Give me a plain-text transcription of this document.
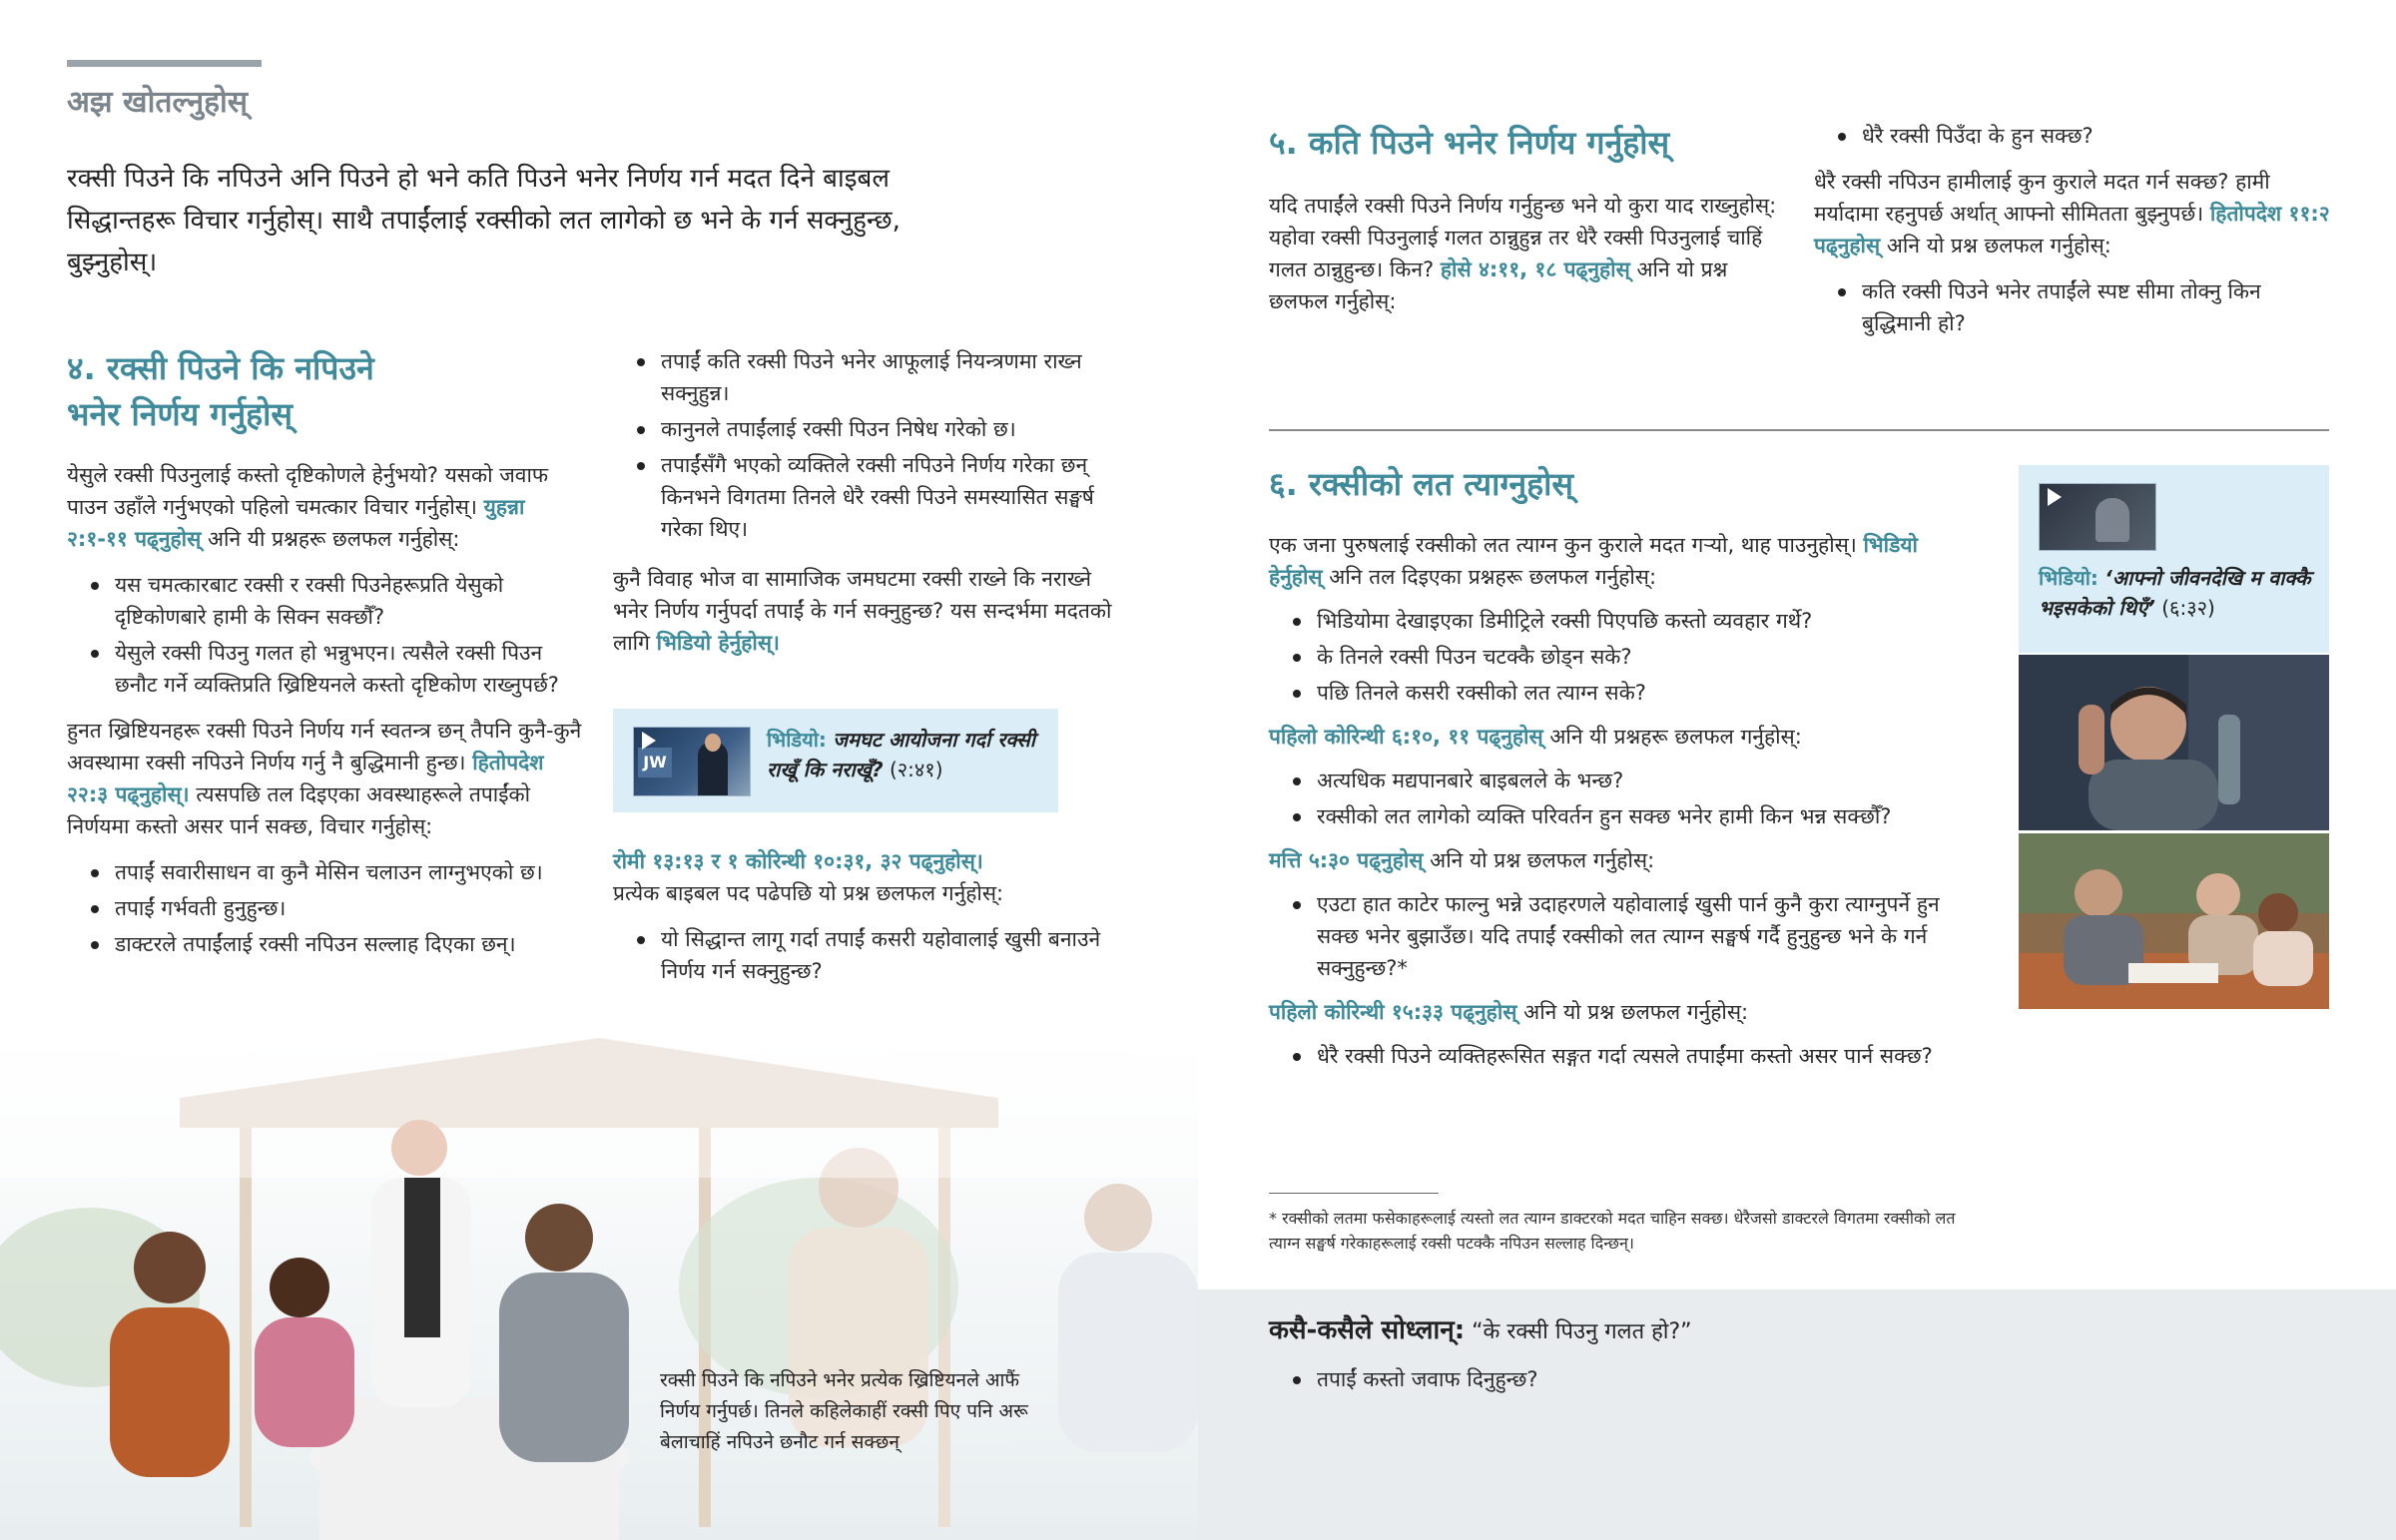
अझ खोतल्नुहोस्
रक्सी पिउने कि नपिउने अनि पिउने हो भने कति पिउने भनेर निर्णय गर्न मदत दिने बाइबल सिद्धान्तहरू विचार गर्नुहोस्। साथै तपाईंलाई रक्सीको लत लागेको छ भने के गर्न सक्नुहुन्छ, बुझ्नुहोस्।
४. रक्सी पिउने कि नपिउने
भनेर निर्णय गर्नुहोस्

येसुले रक्सी पिउनुलाई कस्तो दृष्टिकोणले हेर्नुभयो? यसको जवाफ पाउन उहाँले गर्नुभएको पहिलो चमत्कार विचार गर्नुहोस्। युहन्ना २:१-११ पढ्नुहोस् अनि यी प्रश्नहरू छलफल गर्नुहोस्:

यस चमत्कारबाट रक्सी र रक्सी पिउनेहरूप्रति येसुको दृष्टिकोणबारे हामी के सिक्न सक्छौँ?
येसुले रक्सी पिउनु गलत हो भन्नुभएन। त्यसैले रक्सी पिउन छनौट गर्ने व्यक्तिप्रति ख्रिष्टियनले कस्तो दृष्टिकोण राख्नुपर्छ?

हुनत ख्रिष्टियनहरू रक्सी पिउने निर्णय गर्न स्वतन्त्र छन् तैपनि कुनै-कुनै अवस्थामा रक्सी नपिउने निर्णय गर्नु नै बुद्धिमानी हुन्छ। हितोपदेश २२:३ पढ्नुहोस्। त्यसपछि तल दिइएका अवस्थाहरूले तपाईंको निर्णयमा कस्तो असर पार्न सक्छ, विचार गर्नुहोस्:

तपाईं सवारीसाधन वा कुनै मेसिन चलाउन लाग्नुभएको छ।
तपाईं गर्भवती हुनुहुन्छ।
डाक्टरले तपाईंलाई रक्सी नपिउन सल्लाह दिएका छन्।
तपाईं कति रक्सी पिउने भनेर आफूलाई नियन्त्रणमा राख्न सक्नुहुन्न।
कानुनले तपाईंलाई रक्सी पिउन निषेध गरेको छ।
तपाईंसँगै भएको व्यक्तिले रक्सी नपिउने निर्णय गरेका छन् किनभने विगतमा तिनले धेरै रक्सी पिउने समस्यासित सङ्घर्ष गरेका थिए।

कुनै विवाह भोज वा सामाजिक जमघटमा रक्सी राख्ने कि नराख्ने भनेर निर्णय गर्नुपर्दा तपाईं के गर्न सक्नुहुन्छ? यस सन्दर्भमा मदतको लागि भिडियो हेर्नुहोस्।

JW
भिडियो: जमघट आयोजना गर्दा रक्सी राखूँ कि नराखूँ? (२:४१)
रोमी १३:१३ र १ कोरिन्थी १०:३१, ३२ पढ्नुहोस्।
प्रत्येक बाइबल पद पढेपछि यो प्रश्न छलफल गर्नुहोस्:
यो सिद्धान्त लागू गर्दा तपाईं कसरी यहोवालाई खुसी बनाउने निर्णय गर्न सक्नुहुन्छ?
रक्सी पिउने कि नपिउने भनेर प्रत्येक ख्रिष्टियनले आफैं निर्णय गर्नुपर्छ। तिनले कहिलेकाहीं रक्सी पिए पनि अरू बेलाचाहिं नपिउने छनौट गर्न सक्छन्
५. कति पिउने भनेर निर्णय गर्नुहोस्
यदि तपाईंले रक्सी पिउने निर्णय गर्नुहुन्छ भने यो कुरा याद राख्नुहोस्: यहोवा रक्सी पिउनुलाई गलत ठान्नुहुन्न तर धेरै रक्सी पिउनुलाई चाहिं गलत ठान्नुहुन्छ। किन? होसे ४:११, १८ पढ्नुहोस् अनि यो प्रश्न छलफल गर्नुहोस्:
धेरै रक्सी पिउँदा के हुन सक्छ?

धेरै रक्सी नपिउन हामीलाई कुन कुराले मदत गर्न सक्छ? हामी मर्यादामा रहनुपर्छ अर्थात् आफ्नो सीमितता बुझ्नुपर्छ। हितोपदेश ११:२ पढ्नुहोस् अनि यो प्रश्न छलफल गर्नुहोस्:

कति रक्सी पिउने भनेर तपाईंले स्पष्ट सीमा तोक्नु किन बुद्धिमानी हो?
६. रक्सीको लत त्याग्नुहोस्

एक जना पुरुषलाई रक्सीको लत त्याग्न कुन कुराले मदत गर्‍यो, थाह पाउनुहोस्। भिडियो हेर्नुहोस् अनि तल दिइएका प्रश्नहरू छलफल गर्नुहोस्:

भिडियोमा देखाइएका डिमीट्रिले रक्सी पिएपछि कस्तो व्यवहार गर्थे?
के तिनले रक्सी पिउन चटक्कै छोड्न सके?
पछि तिनले कसरी रक्सीको लत त्याग्न सके?

पहिलो कोरिन्थी ६:१०, ११ पढ्नुहोस् अनि यी प्रश्नहरू छलफल गर्नुहोस्:

अत्यधिक मद्यपानबारे बाइबलले के भन्छ?
रक्सीको लत लागेको व्यक्ति परिवर्तन हुन सक्छ भनेर हामी किन भन्न सक्छौँ?

मत्ति ५:३० पढ्नुहोस् अनि यो प्रश्न छलफल गर्नुहोस्:

एउटा हात काटेर फाल्नु भन्ने उदाहरणले यहोवालाई खुसी पार्न कुनै कुरा त्याग्नुपर्ने हुन सक्छ भनेर बुझाउँछ। यदि तपाईं रक्सीको लत त्याग्न सङ्घर्ष गर्दै हुनुहुन्छ भने के गर्न सक्नुहुन्छ?*

पहिलो कोरिन्थी १५:३३ पढ्नुहोस् अनि यो प्रश्न छलफल गर्नुहोस्:

धेरै रक्सी पिउने व्यक्तिहरूसित सङ्गत गर्दा त्यसले तपाईंमा कस्तो असर पार्न सक्छ?
* रक्सीको लतमा फसेकाहरूलाई त्यस्तो लत त्याग्न डाक्टरको मदत चाहिन सक्छ। धेरैजसो डाक्टरले विगतमा रक्सीको लत त्याग्न सङ्घर्ष गरेकाहरूलाई रक्सी पटक्कै नपिउन सल्लाह दिन्छन्।
भिडियो: ‘आफ्नो जीवनदेखि म वाक्कै भइसकेको थिएँ’ (६:३२)
कसै-कसैले सोध्लान्: “के रक्सी पिउनु गलत हो?”
तपाईं कस्तो जवाफ दिनुहुन्छ?
